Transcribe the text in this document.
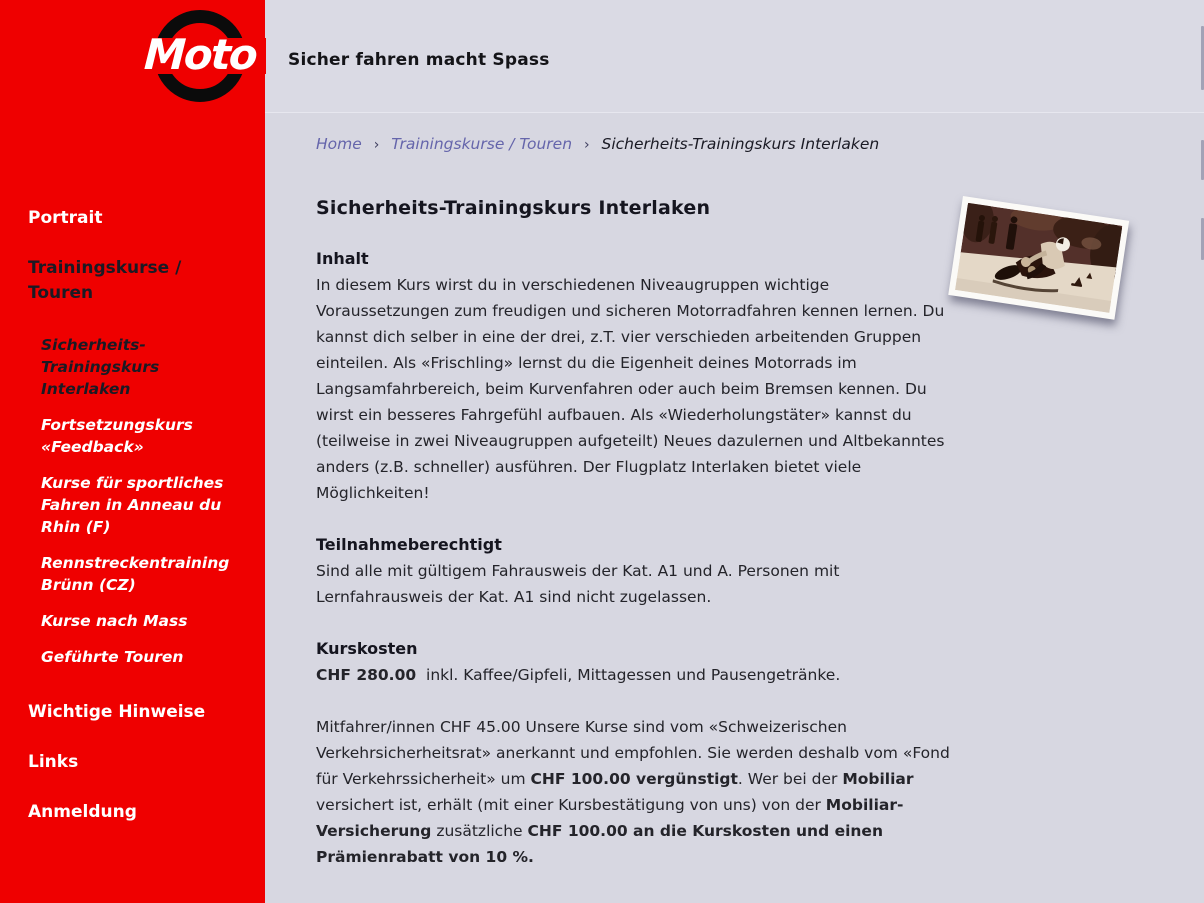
Moto
Portrait
Trainingskurse / Touren
Sicherheits-Trainingskurs Interlaken
Fortsetzungskurs «Feedback»
Kurse für sportliches Fahren in Anneau du Rhin (F)
Rennstreckentraining Brünn (CZ)
Kurse nach Mass
Geführte Touren
Wichtige Hinweise
Links
Anmeldung
Sicher fahren macht Spass
Home › Trainingskurse / Touren › Sicherheits-Trainingskurs Interlaken
Sicherheits-Trainingskurs Interlaken
Inhalt

In diesem Kurs wirst du in verschiedenen Niveaugruppen wichtige Voraussetzungen zum freudigen und sicheren Motorradfahren kennen lernen. Du kannst dich selber in eine der drei, z.T. vier verschieden arbeitenden Gruppen einteilen. Als «Frischling» lernst du die Eigenheit deines Motorrads im Langsamfahrbereich, beim Kurvenfahren oder auch beim Bremsen kennen. Du wirst ein besseres Fahrgefühl aufbauen. Als «Wiederholungstäter» kannst du (teilweise in zwei Niveaugruppen aufgeteilt) Neues dazulernen und Altbekanntes anders (z.B. schneller) ausführen. Der Flugplatz Interlaken bietet viele Möglichkeiten!

Teilnahmeberechtigt

Sind alle mit gültigem Fahrausweis der Kat. A1 und A. Personen mit Lernfahrausweis der Kat. A1 sind nicht zugelassen.

Kurskosten

CHF 280.00  inkl. Kaffee/Gipfeli, Mittagessen und Pausengetränke.

Mitfahrer/innen CHF 45.00 Unsere Kurse sind vom «Schweizerischen Verkehrsicherheitsrat» anerkannt und empfohlen. Sie werden deshalb vom «Fond für Verkehrssicherheit» um CHF 100.00 vergünstigt. Wer bei der Mobiliar versichert ist, erhält (mit einer Kursbestätigung von uns) von der Mobiliar-Versicherung zusätzliche CHF 100.00 an die Kurskosten und einen Prämienrabatt von 10 %.
